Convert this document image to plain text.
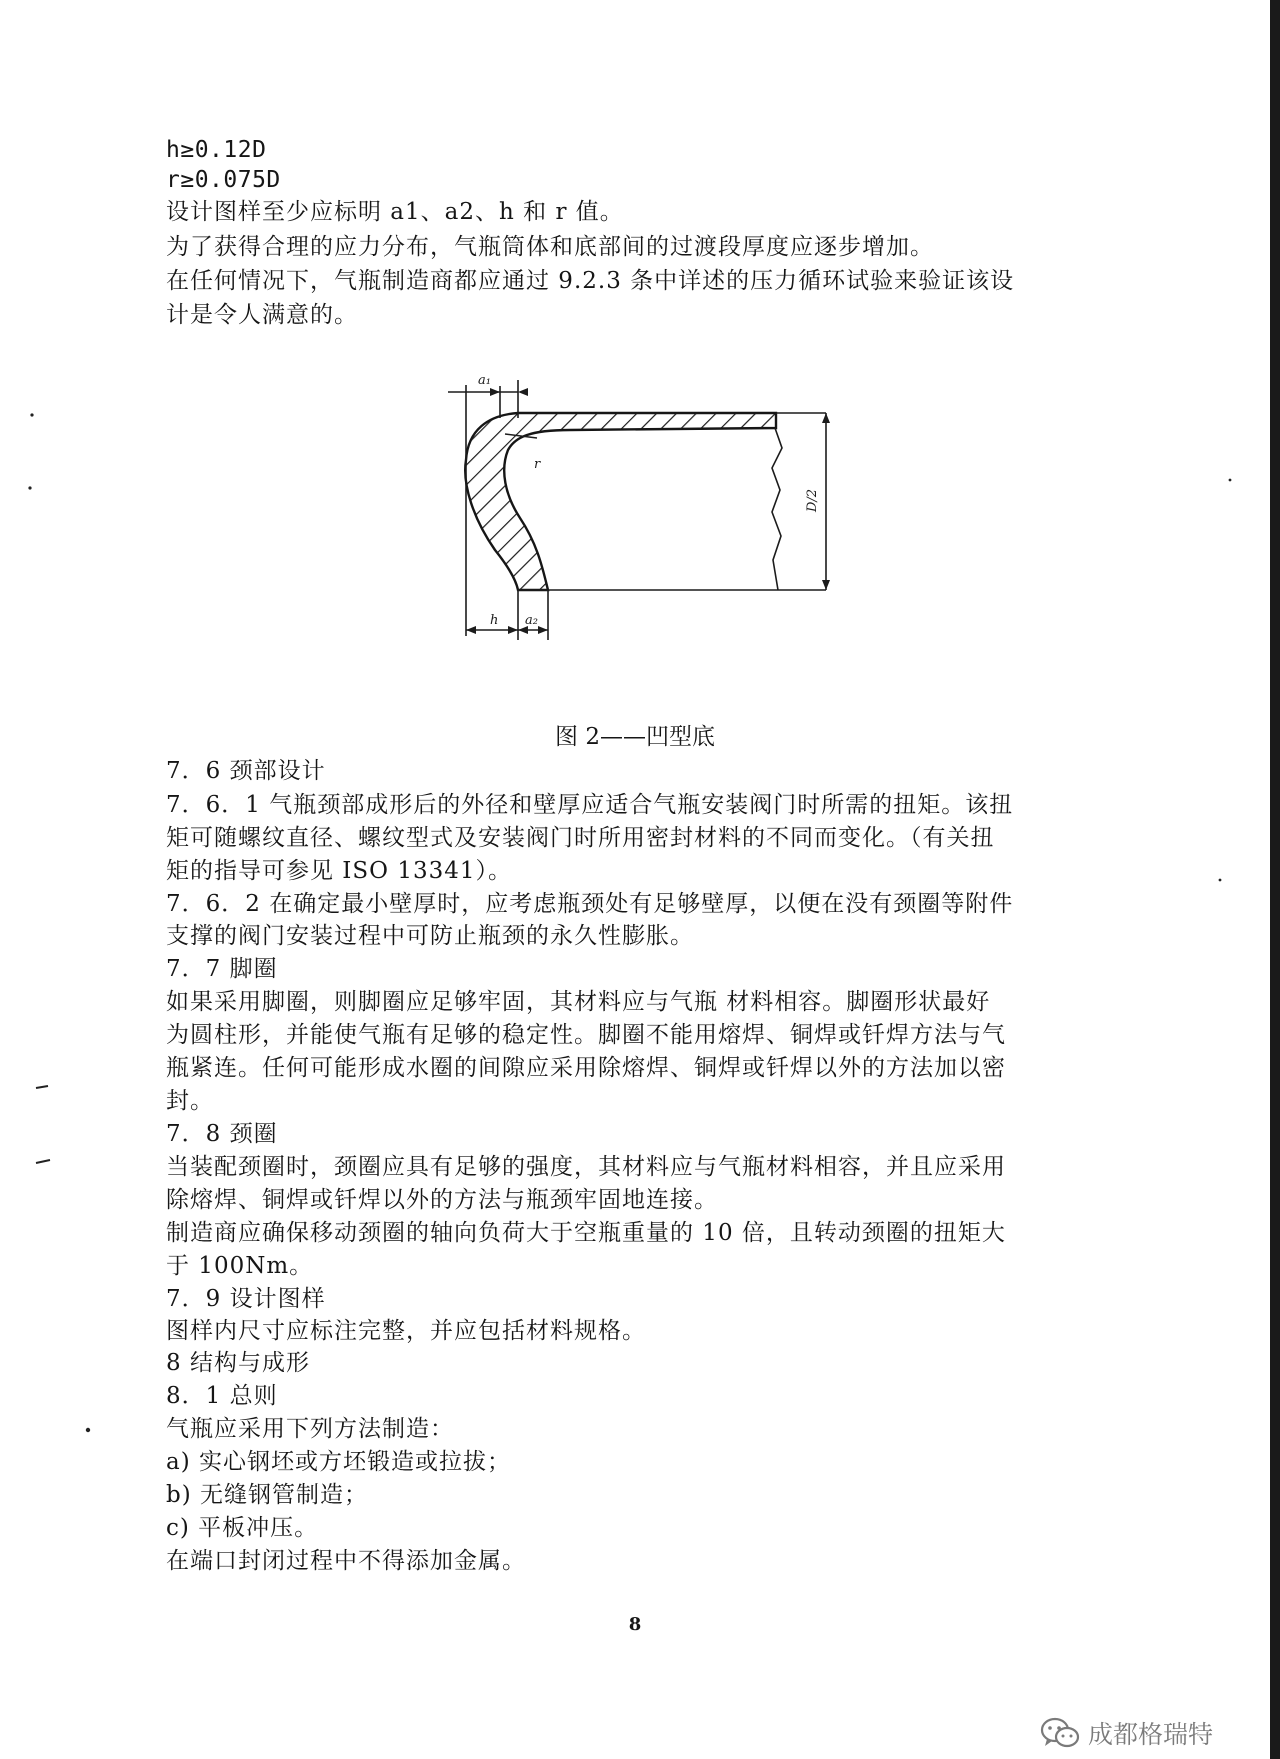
h≥0.12D
r≥0.075D
设计图样至少应标明 a1、a2、h 和 r 值。
为了获得合理的应力分布，气瓶筒体和底部间的过渡段厚度应逐步增加。
在任何情况下，气瓶制造商都应通过 9.2.3 条中详述的压力循环试验来验证该设
计是令人满意的。
a₁
r
D/2
h a₂
图 2——凹型底
7．6 颈部设计
7．6．1 气瓶颈部成形后的外径和壁厚应适合气瓶安装阀门时所需的扭矩。该扭
矩可随螺纹直径、螺纹型式及安装阀门时所用密封材料的不同而变化。（有关扭
矩的指导可参见 ISO 13341）。
7．6．2 在确定最小壁厚时，应考虑瓶颈处有足够壁厚，以便在没有颈圈等附件
支撑的阀门安装过程中可防止瓶颈的永久性膨胀。
7．7 脚圈
如果采用脚圈，则脚圈应足够牢固，其材料应与气瓶 材料相容。脚圈形状最好
为圆柱形，并能使气瓶有足够的稳定性。脚圈不能用熔焊、铜焊或钎焊方法与气
瓶紧连。任何可能形成水圈的间隙应采用除熔焊、铜焊或钎焊以外的方法加以密
封。
7．8 颈圈
当装配颈圈时，颈圈应具有足够的强度，其材料应与气瓶材料相容，并且应采用
除熔焊、铜焊或钎焊以外的方法与瓶颈牢固地连接。
制造商应确保移动颈圈的轴向负荷大于空瓶重量的 10 倍，且转动颈圈的扭矩大
于 100Nm。
7．9 设计图样
图样内尺寸应标注完整，并应包括材料规格。
8 结构与成形
8．1 总则
气瓶应采用下列方法制造：
a) 实心钢坯或方坯锻造或拉拔；
b) 无缝钢管制造；
c) 平板冲压。
在端口封闭过程中不得添加金属。
8
成都格瑞特
